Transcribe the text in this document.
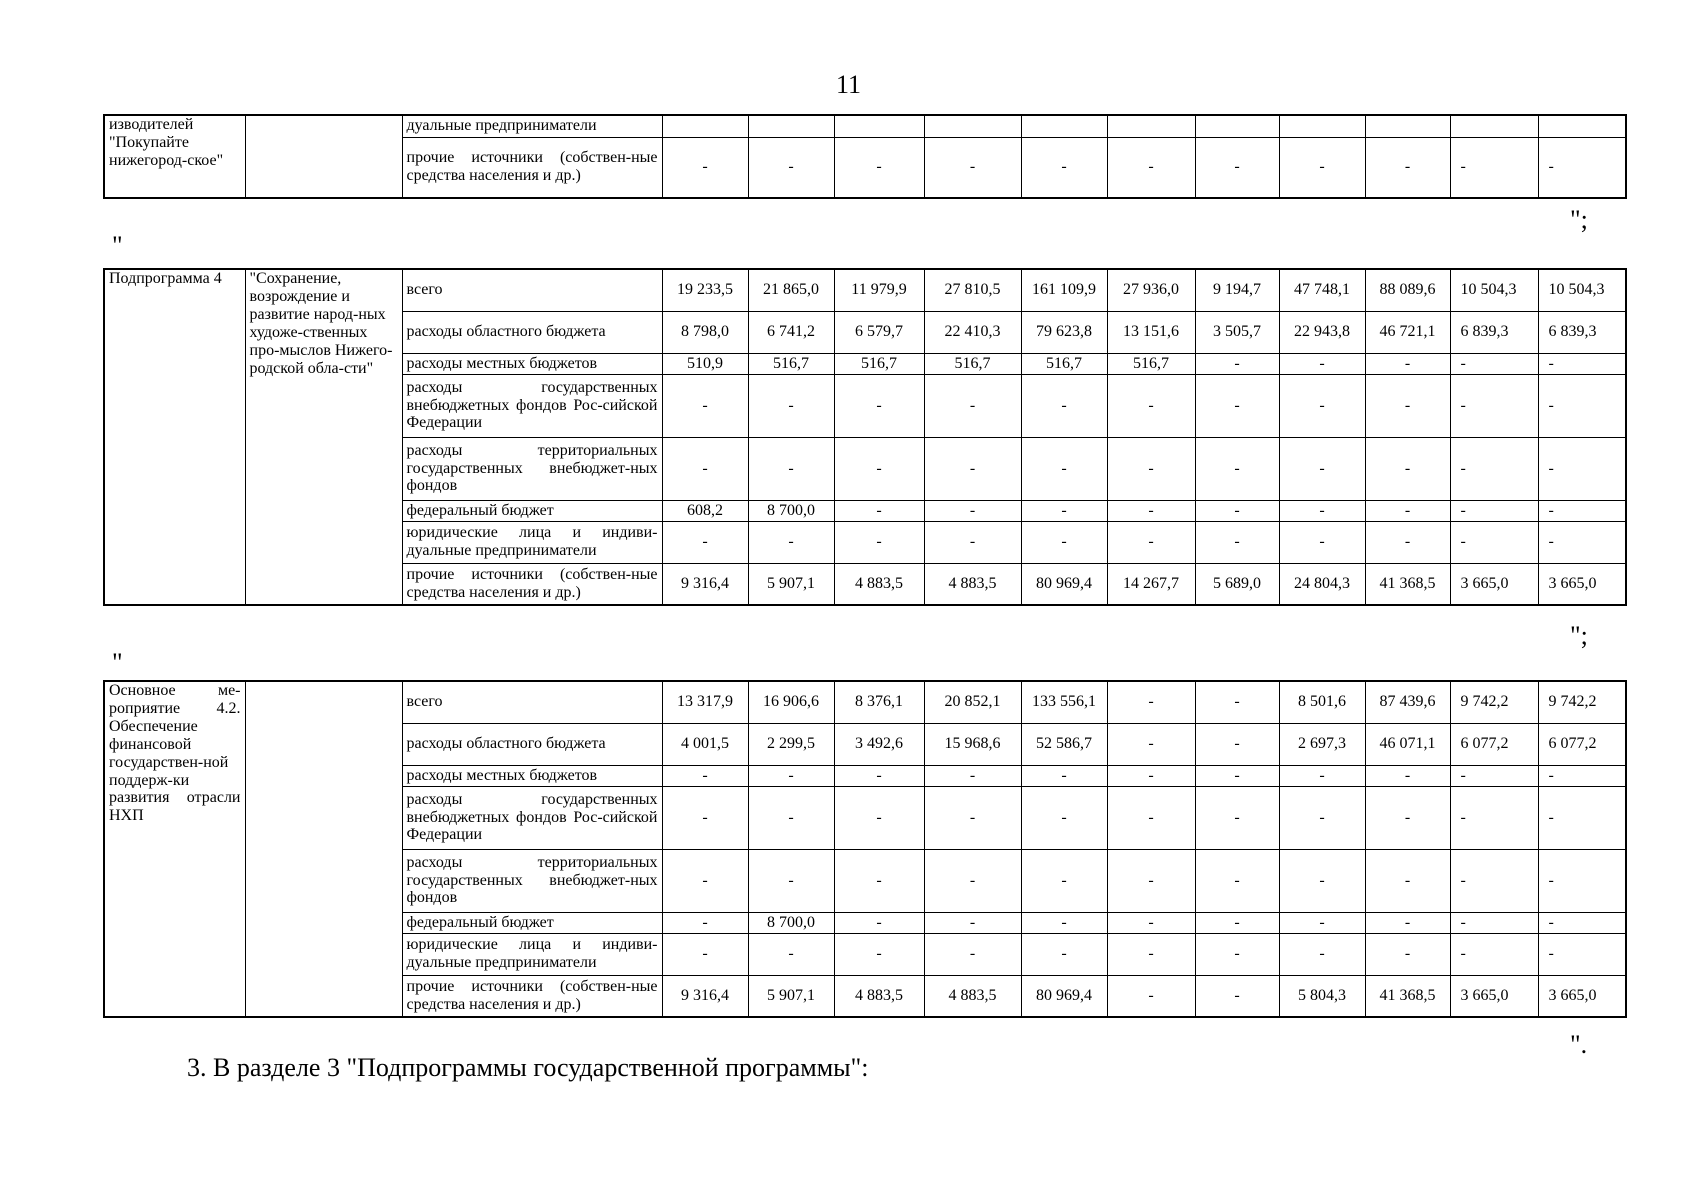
11
изводителей "Покупайте нижегород-ское"		дуальные предприниматели											
		прочие источники (собствен-ные средства населения и др.)	-	-	-	-	-	-	-	-	-	-	-
";
"
Подпрограмма 4	"Сохранение, возрождение и развитие народ-ных художе-ственных про-мыслов Нижего-родской обла-сти"	всего	19 233,5	21 865,0	11 979,9	27 810,5	161 109,9	27 936,0	9 194,7	47 748,1	88 089,6	10 504,3	10 504,3
		расходы областного бюджета	8 798,0	6 741,2	6 579,7	22 410,3	79 623,8	13 151,6	3 505,7	22 943,8	46 721,1	6 839,3	6 839,3
		расходы местных бюджетов	510,9	516,7	516,7	516,7	516,7	516,7	-	-	-	-	-
		расходы государственных внебюджетных фондов Рос-сийской Федерации	-	-	-	-	-	-	-	-	-	-	-
		расходы территориальных государственных внебюджет-ных фондов	-	-	-	-	-	-	-	-	-	-	-
		федеральный бюджет	608,2	8 700,0	-	-	-	-	-	-	-	-	-
		юридические лица и индиви-дуальные предприниматели	-	-	-	-	-	-	-	-	-	-	-
		прочие источники (собствен-ные средства населения и др.)	9 316,4	5 907,1	4 883,5	4 883,5	80 969,4	14 267,7	5 689,0	24 804,3	41 368,5	3 665,0	3 665,0
";
"
Основное ме-роприятие 4.2. Обеспечение финансовой государствен-ной поддерж-ки развития отрасли НХП		всего	13 317,9	16 906,6	8 376,1	20 852,1	133 556,1	-	-	8 501,6	87 439,6	9 742,2	9 742,2
		расходы областного бюджета	4 001,5	2 299,5	3 492,6	15 968,6	52 586,7	-	-	2 697,3	46 071,1	6 077,2	6 077,2
		расходы местных бюджетов	-	-	-	-	-	-	-	-	-	-	-
		расходы государственных внебюджетных фондов Рос-сийской Федерации	-	-	-	-	-	-	-	-	-	-	-
		расходы территориальных государственных внебюджет-ных фондов	-	-	-	-	-	-	-	-	-	-	-
		федеральный бюджет	-	8 700,0	-	-	-	-	-	-	-	-	-
		юридические лица и индиви-дуальные предприниматели	-	-	-	-	-	-	-	-	-	-	-
		прочие источники (собствен-ные средства населения и др.)	9 316,4	5 907,1	4 883,5	4 883,5	80 969,4	-	-	5 804,3	41 368,5	3 665,0	3 665,0
".
3. В разделе 3 "Подпрограммы государственной программы":
